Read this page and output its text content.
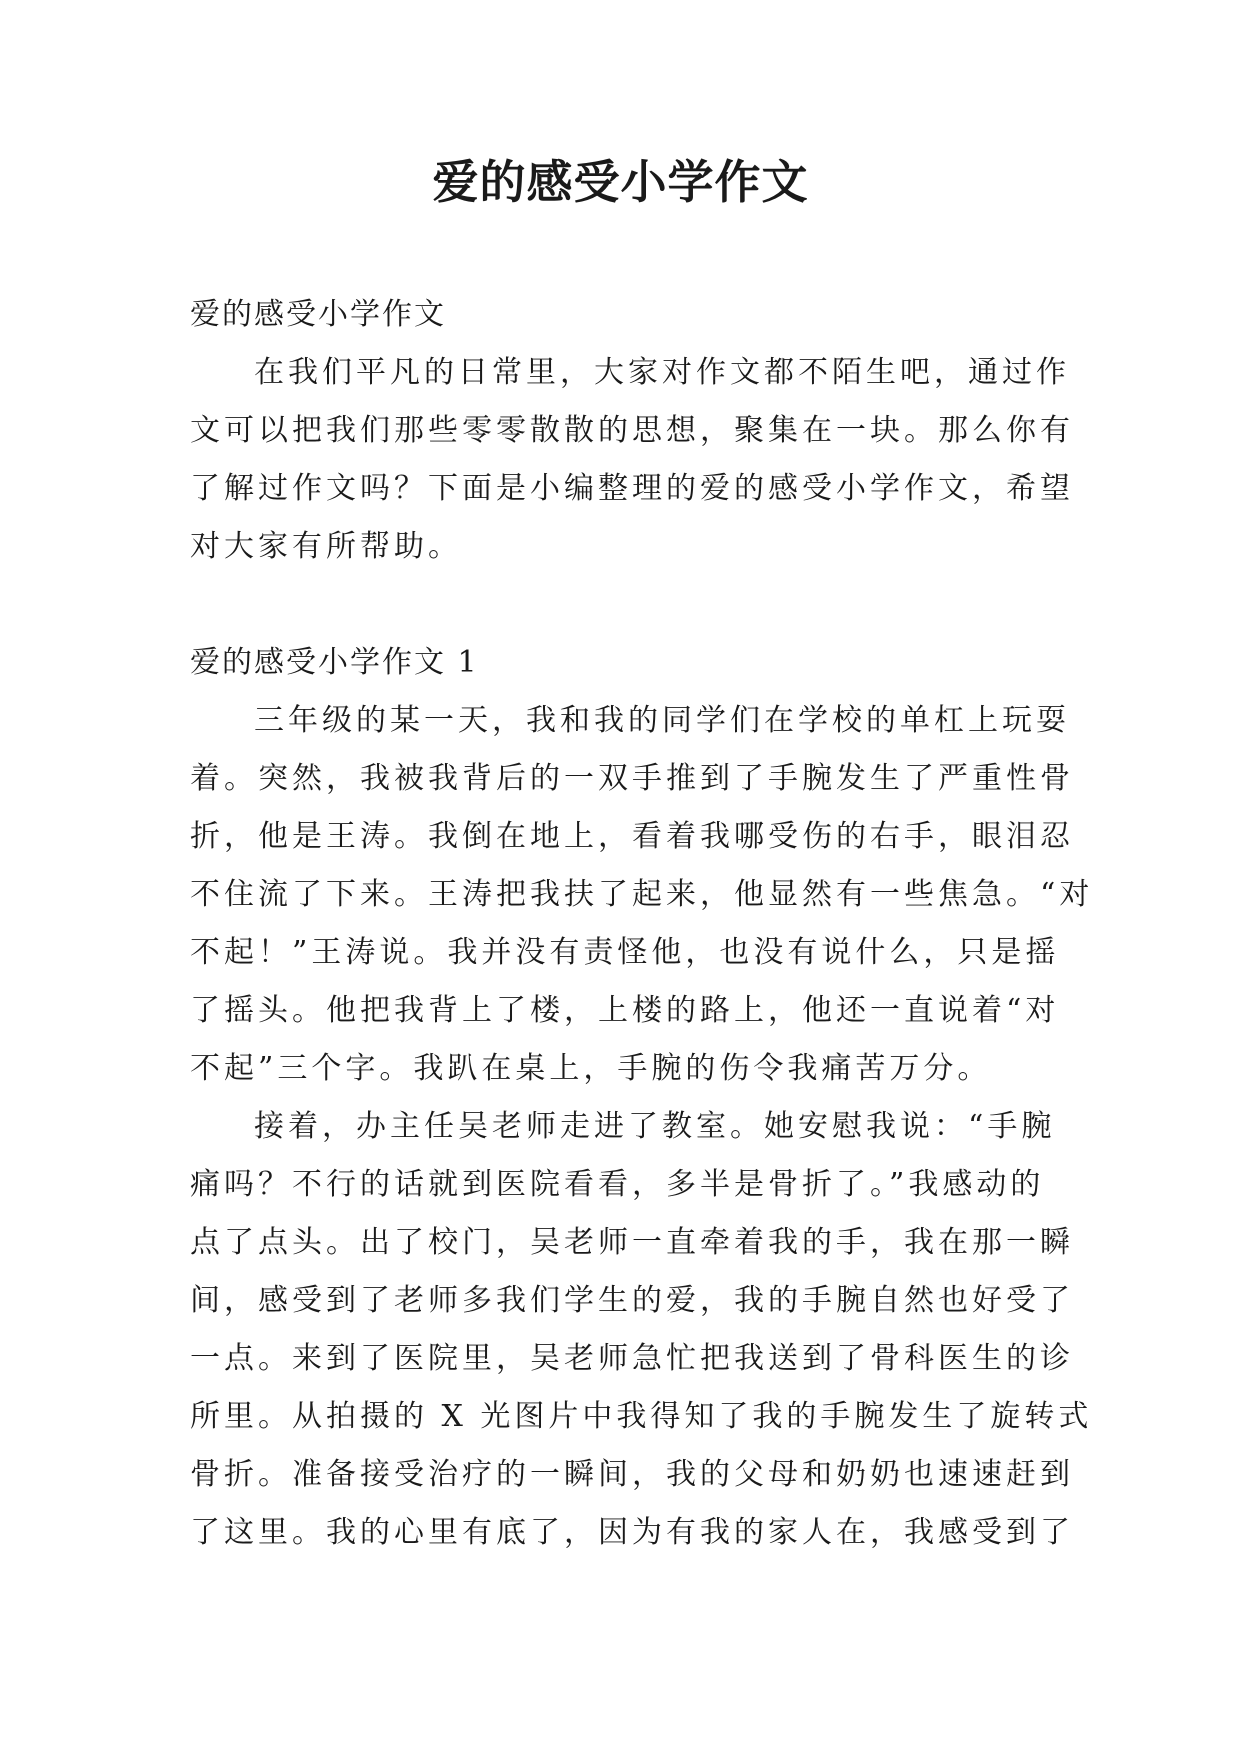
爱的感受小学作文
爱的感受小学作文
在我们平凡的日常里，大家对作文都不陌生吧，通过作
文可以把我们那些零零散散的思想，聚集在一块。那么你有
了解过作文吗？下面是小编整理的爱的感受小学作文，希望
对大家有所帮助。
爱的感受小学作文 1
三年级的某一天，我和我的同学们在学校的单杠上玩耍
着。突然，我被我背后的一双手推到了手腕发生了严重性骨
折，他是王涛。我倒在地上，看着我哪受伤的右手，眼泪忍
不住流了下来。王涛把我扶了起来，他显然有一些焦急。“对
不起！”王涛说。我并没有责怪他，也没有说什么，只是摇
了摇头。他把我背上了楼，上楼的路上，他还一直说着“对
不起”三个字。我趴在桌上，手腕的伤令我痛苦万分。
接着，办主任吴老师走进了教室。她安慰我说：“手腕
痛吗？不行的话就到医院看看，多半是骨折了。”我感动的
点了点头。出了校门，吴老师一直牵着我的手，我在那一瞬
间，感受到了老师多我们学生的爱，我的手腕自然也好受了
一点。来到了医院里，吴老师急忙把我送到了骨科医生的诊
所里。从拍摄的 X 光图片中我得知了我的手腕发生了旋转式
骨折。准备接受治疗的一瞬间，我的父母和奶奶也速速赶到
了这里。我的心里有底了，因为有我的家人在，我感受到了
